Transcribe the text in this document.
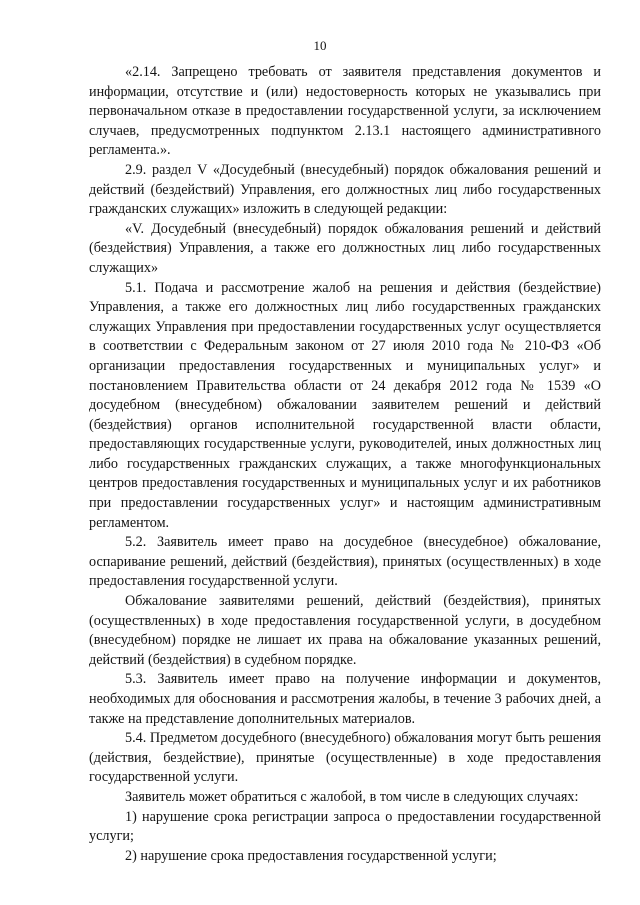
10

«2.14. Запрещено требовать от заявителя представления документов и информации, отсутствие и (или) недостоверность которых не указывались при первоначальном отказе в предоставлении государственной услуги, за исключением случаев, предусмотренных подпунктом 2.13.1 настоящего административного регламента.».

2.9. раздел V «Досудебный (внесудебный) порядок обжалования решений и действий (бездействий) Управления, его должностных лиц либо государственных гражданских служащих» изложить в следующей редакции:

«V. Досудебный (внесудебный) порядок обжалования решений и действий (бездействия) Управления, а также его должностных лиц либо государственных служащих»

5.1. Подача и рассмотрение жалоб на решения и действия (бездействие) Управления, а также его должностных лиц либо государственных гражданских служащих Управления при предоставлении государственных услуг осуществляется в соответствии с Федеральным законом от 27 июля 2010 года № 210-ФЗ «Об организации предоставления государственных и муниципальных услуг» и постановлением Правительства области от 24 декабря 2012 года № 1539 «О досудебном (внесудебном) обжаловании заявителем решений и действий (бездействия) органов исполнительной государственной власти области, предоставляющих государственные услуги, руководителей, иных должностных лиц либо государственных гражданских служащих, а также многофункциональных центров предоставления государственных и муниципальных услуг и их работников при предоставлении государственных услуг» и настоящим административным регламентом.

5.2. Заявитель имеет право на досудебное (внесудебное) обжалование, оспаривание решений, действий (бездействия), принятых (осуществленных) в ходе предоставления государственной услуги.

Обжалование заявителями решений, действий (бездействия), принятых (осуществленных) в ходе предоставления государственной услуги, в досудебном (внесудебном) порядке не лишает их права на обжалование указанных решений, действий (бездействия) в судебном порядке.

5.3. Заявитель имеет право на получение информации и документов, необходимых для обоснования и рассмотрения жалобы, в течение 3 рабочих дней, а также на представление дополнительных материалов.

5.4. Предметом досудебного (внесудебного) обжалования могут быть решения (действия, бездействие), принятые (осуществленные) в ходе предоставления государственной услуги.

Заявитель может обратиться с жалобой, в том числе в следующих случаях:

1) нарушение срока регистрации запроса о предоставлении государственной услуги;

2) нарушение срока предоставления государственной услуги;
